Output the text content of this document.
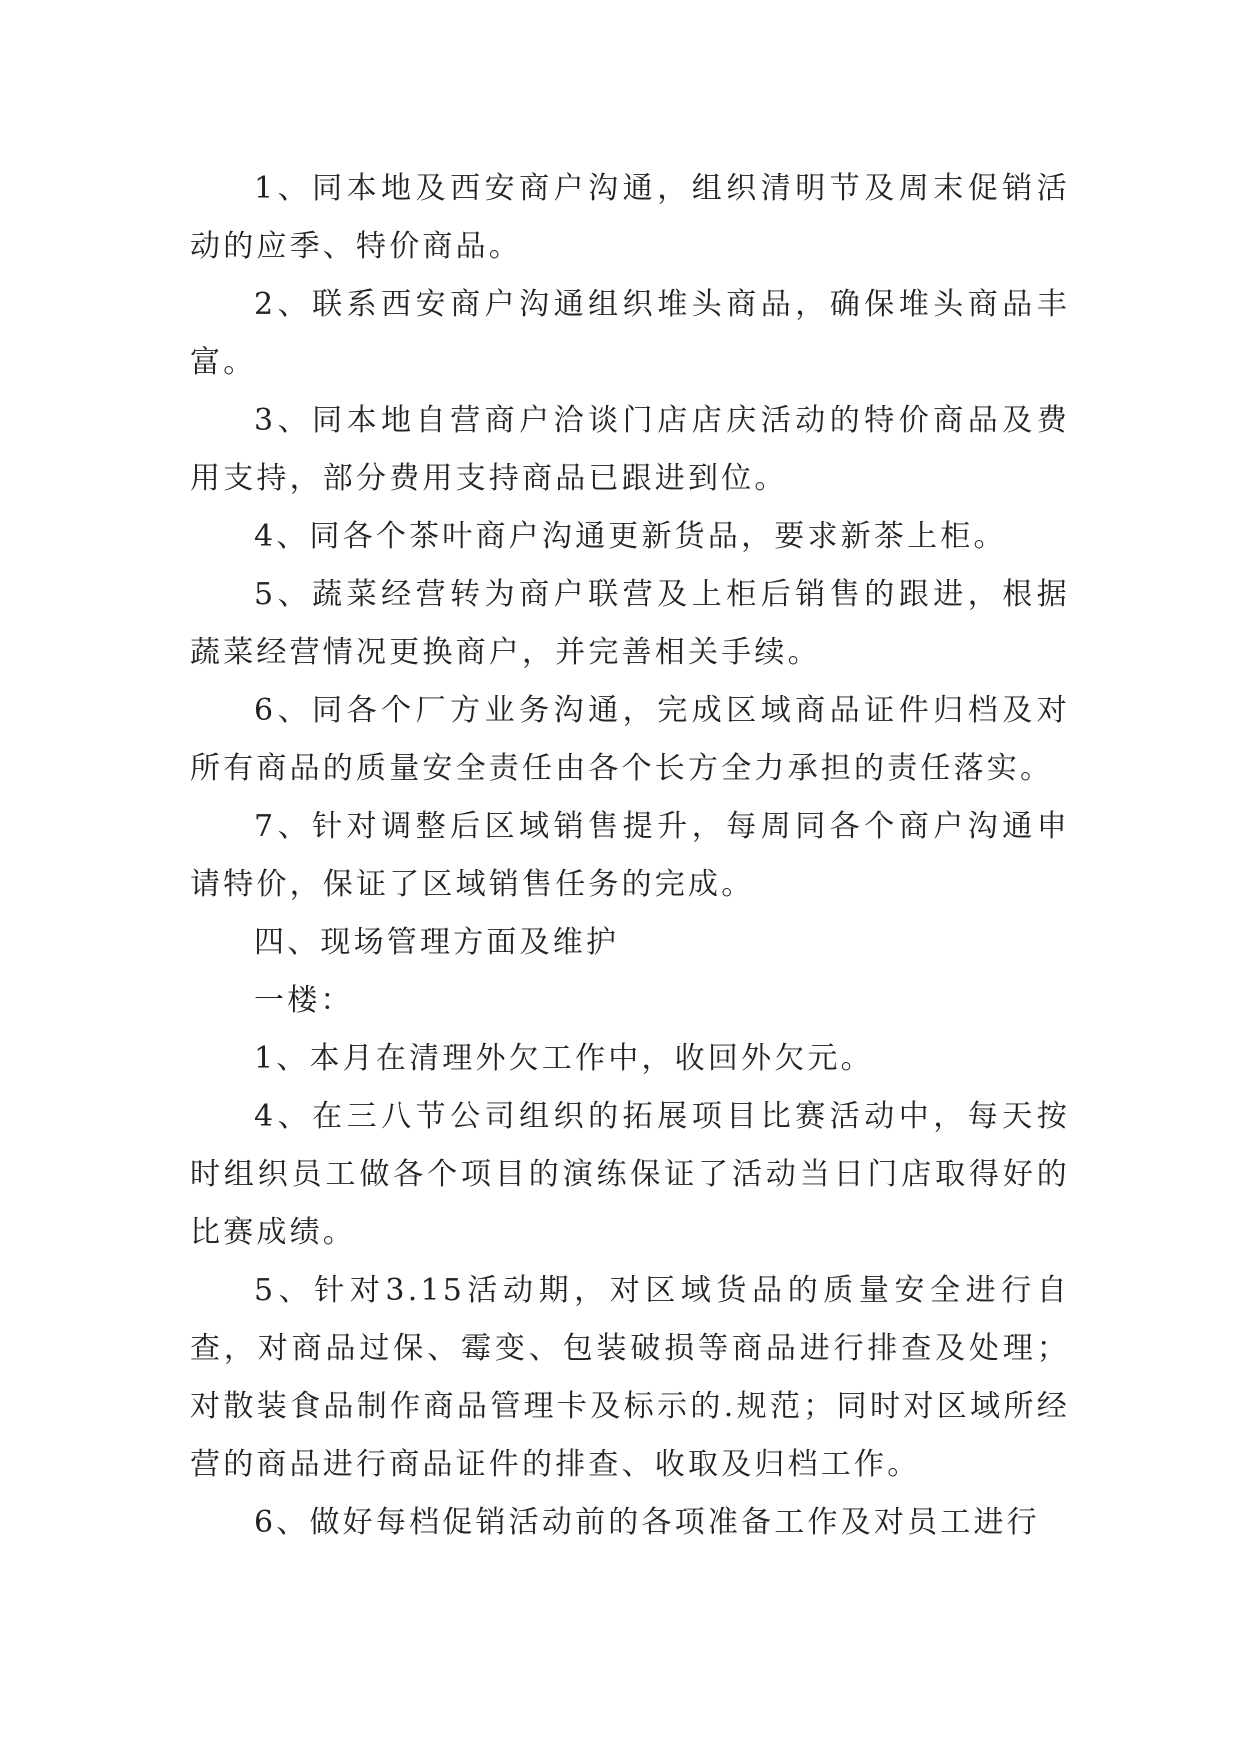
1、同本地及西安商户沟通，组织清明节及周末促销活动的应季、特价商品。

2、联系西安商户沟通组织堆头商品，确保堆头商品丰富。

3、同本地自营商户洽谈门店店庆活动的特价商品及费用支持，部分费用支持商品已跟进到位。

4、同各个茶叶商户沟通更新货品，要求新茶上柜。

5、蔬菜经营转为商户联营及上柜后销售的跟进，根据蔬菜经营情况更换商户，并完善相关手续。

6、同各个厂方业务沟通，完成区域商品证件归档及对所有商品的质量安全责任由各个长方全力承担的责任落实。

7、针对调整后区域销售提升，每周同各个商户沟通申请特价，保证了区域销售任务的完成。

四、现场管理方面及维护

一楼：

1、本月在清理外欠工作中，收回外欠元。

4、在三八节公司组织的拓展项目比赛活动中，每天按时组织员工做各个项目的演练保证了活动当日门店取得好的比赛成绩。

5、针对3.15活动期，对区域货品的质量安全进行自查，对商品过保、霉变、包装破损等商品进行排查及处理；对散装食品制作商品管理卡及标示的.规范；同时对区域所经营的商品进行商品证件的排查、收取及归档工作。

6、做好每档促销活动前的各项准备工作及对员工进行
